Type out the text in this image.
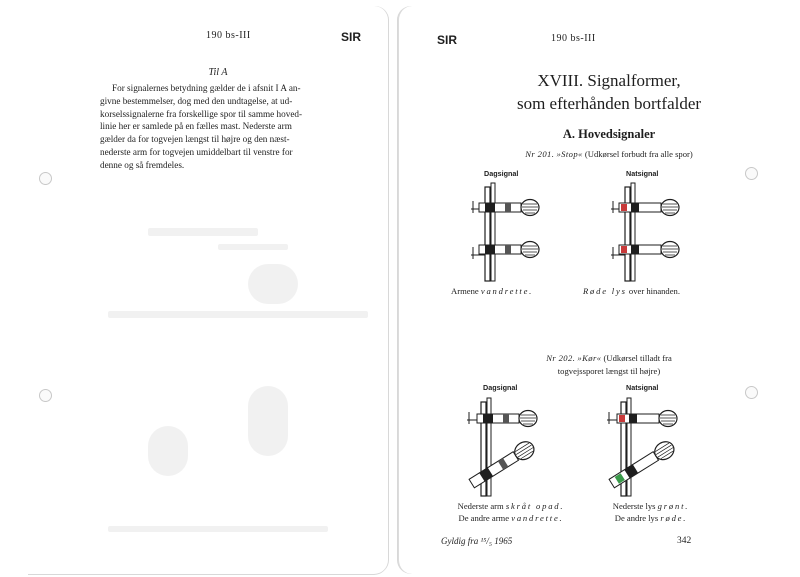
190 bs-III	SIR
Til A
For signalernes betydning gælder de i afsnit I A an-
givne bestemmelser, dog med den undtagelse, at ud-
korselssignalerne fra forskellige spor til samme hoved-
linie her er samlede på en fælles mast. Nederste arm
gælder da for togvejen længst til højre og den næst-
nederste arm for togvejen umiddelbart til venstre for
denne og så fremdeles.
SIR	190 bs-III
XVIII. Signalformer,
som efterhånden bortfalder
A. Hovedsignaler
Nr 201. »Stop« (Udkørsel forbudt fra alle spor)
Dagsignal	Natsignal
Armene vandrette.	Røde lys over hinanden.
Nr 202. »Kør« (Udkørsel tilladt fra
togvejssporet længst til højre)
Dagsignal	Natsignal
Nederste arm skråt opad.
De andre arme vandrette.
Nederste lys grønt.
De andre lys røde.
Gyldig fra ¹⁵/₅ 1965	342
